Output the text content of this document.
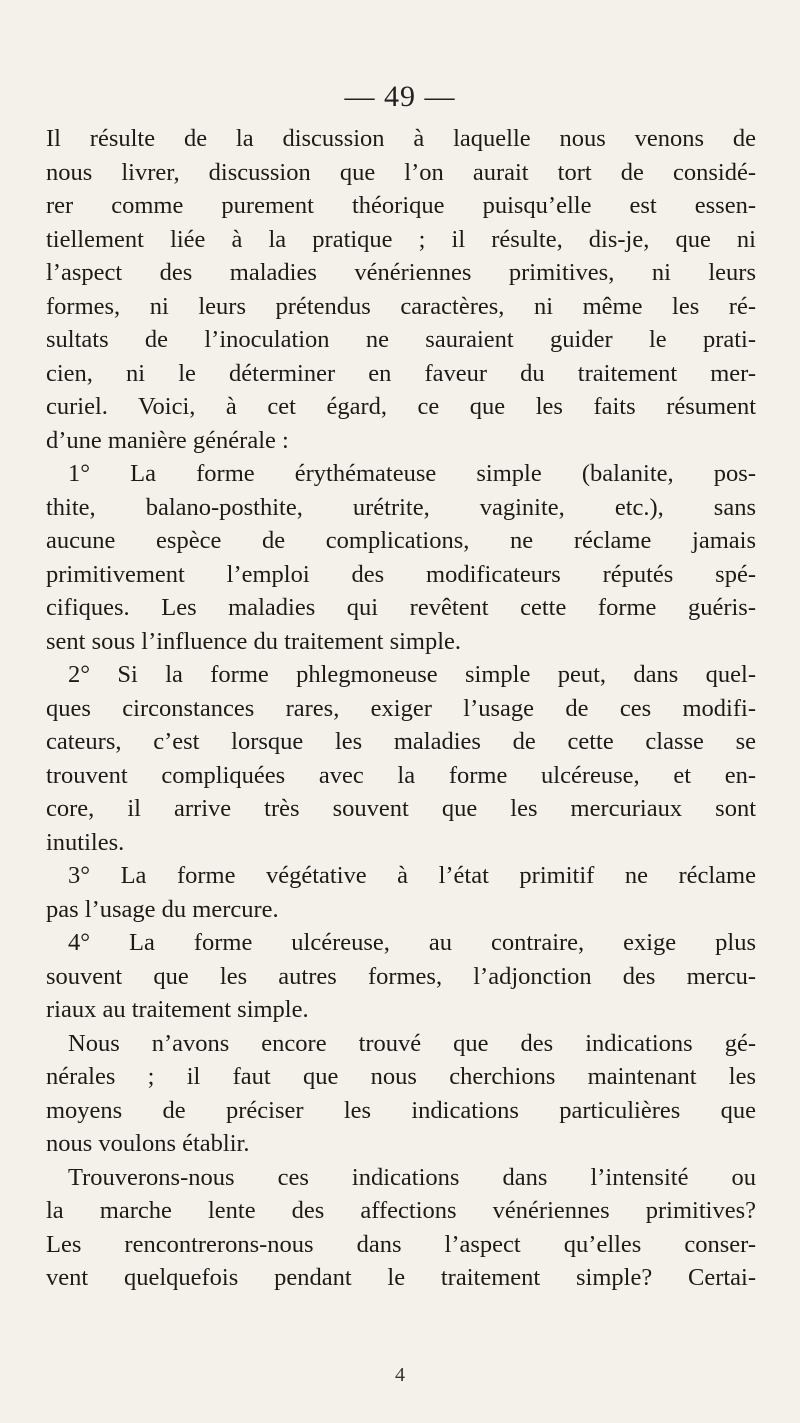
— 49 —
Il résulte de la discussion à laquelle nous venons de
nous livrer, discussion que l’on aurait tort de considé-
rer comme purement théorique puisqu’elle est essen-
tiellement liée à la pratique ; il résulte, dis-je, que ni
l’aspect des maladies vénériennes primitives, ni leurs
formes, ni leurs prétendus caractères, ni même les ré-
sultats de l’inoculation ne sauraient guider le prati-
cien, ni le déterminer en faveur du traitement mer-
curiel. Voici, à cet égard, ce que les faits résument
d’une manière générale :
1° La forme érythémateuse simple (balanite, pos-
thite, balano-posthite, urétrite, vaginite, etc.), sans
aucune espèce de complications, ne réclame jamais
primitivement l’emploi des modificateurs réputés spé-
cifiques. Les maladies qui revêtent cette forme guéris-
sent sous l’influence du traitement simple.
2° Si la forme phlegmoneuse simple peut, dans quel-
ques circonstances rares, exiger l’usage de ces modifi-
cateurs, c’est lorsque les maladies de cette classe se
trouvent compliquées avec la forme ulcéreuse, et en-
core, il arrive très souvent que les mercuriaux sont
inutiles.
3° La forme végétative à l’état primitif ne réclame
pas l’usage du mercure.
4° La forme ulcéreuse, au contraire, exige plus
souvent que les autres formes, l’adjonction des mercu-
riaux au traitement simple.
Nous n’avons encore trouvé que des indications gé-
nérales ; il faut que nous cherchions maintenant les
moyens de préciser les indications particulières que
nous voulons établir.
Trouverons-nous ces indications dans l’intensité ou
la marche lente des affections vénériennes primitives?
Les rencontrerons-nous dans l’aspect qu’elles conser-
vent quelquefois pendant le traitement simple? Certai-
4
